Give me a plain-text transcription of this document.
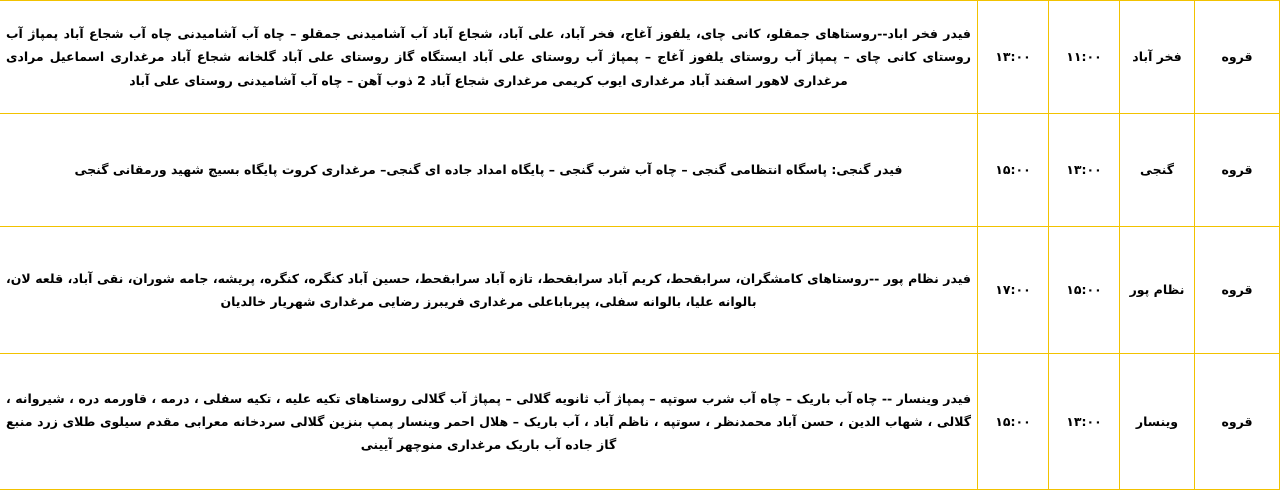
قروه	فخر آباد	۱۱:۰۰	۱۳:۰۰	فیدر فخر اباد--روستاهای جمقلو، کانی چای، یلفوز آغاج، فخر آباد، علی آباد، شجاع آباد آب آشامیدنی جمقلو – چاه آب آشامیدنی چاه آب شجاع آباد پمپاژ آب روستای کانی چای – پمپاژ آب روستای یلفوز آغاج – پمپاژ آب روستای علی آباد ایستگاه گاز روستای علی آباد گلخانه شجاع آباد مرغداری اسماعیل مرادی مرغداری لاهور اسفند آباد مرغداری ایوب کریمی مرغداری شجاع آباد 2 ذوب آهن – چاه آب آشامیدنی روستای علی آباد
قروه	گنجی	۱۳:۰۰	۱۵:۰۰	فیدر گنجی: پاسگاه انتظامی گنجی – چاه آب شرب گنجی – پایگاه امداد جاده ای گنجی– مرغداری کروت پایگاه بسیج شهید ورمقانی گنجی
قروه	نظام پور	۱۵:۰۰	۱۷:۰۰	فیدر نظام پور --روستاهای کامشگران، سرابقحط، کریم آباد سرابقحط، تازه آباد سرابقحط، حسین آباد کنگره، کنگره، پریشه، جامه شوران، نقی آباد، قلعه لان، بالوانه علیا، بالوانه سفلی، پیرباباعلی مرغداری فریبرز رضایی مرغداری شهریار خالدیان
قروه	وینسار	۱۳:۰۰	۱۵:۰۰	فیدر وینسار -- چاه آب باریک – چاه آب شرب سوتپه – پمپاژ آب ثانویه گلالی – پمپاژ آب گلالی روستاهای تکیه علیه ، تکیه سفلی ، درمه ، قاورمه دره ، شیروانه ، گلالی ، شهاب الدین ، حسن آباد محمدنظر ، سوتپه ، ناظم آباد ، آب باریک – هلال احمر وینسار پمپ بنزین گلالی سردخانه معرابی مقدم سیلوی طلای زرد منبع گاز جاده آب باریک مرغداری منوچهر آیینی
